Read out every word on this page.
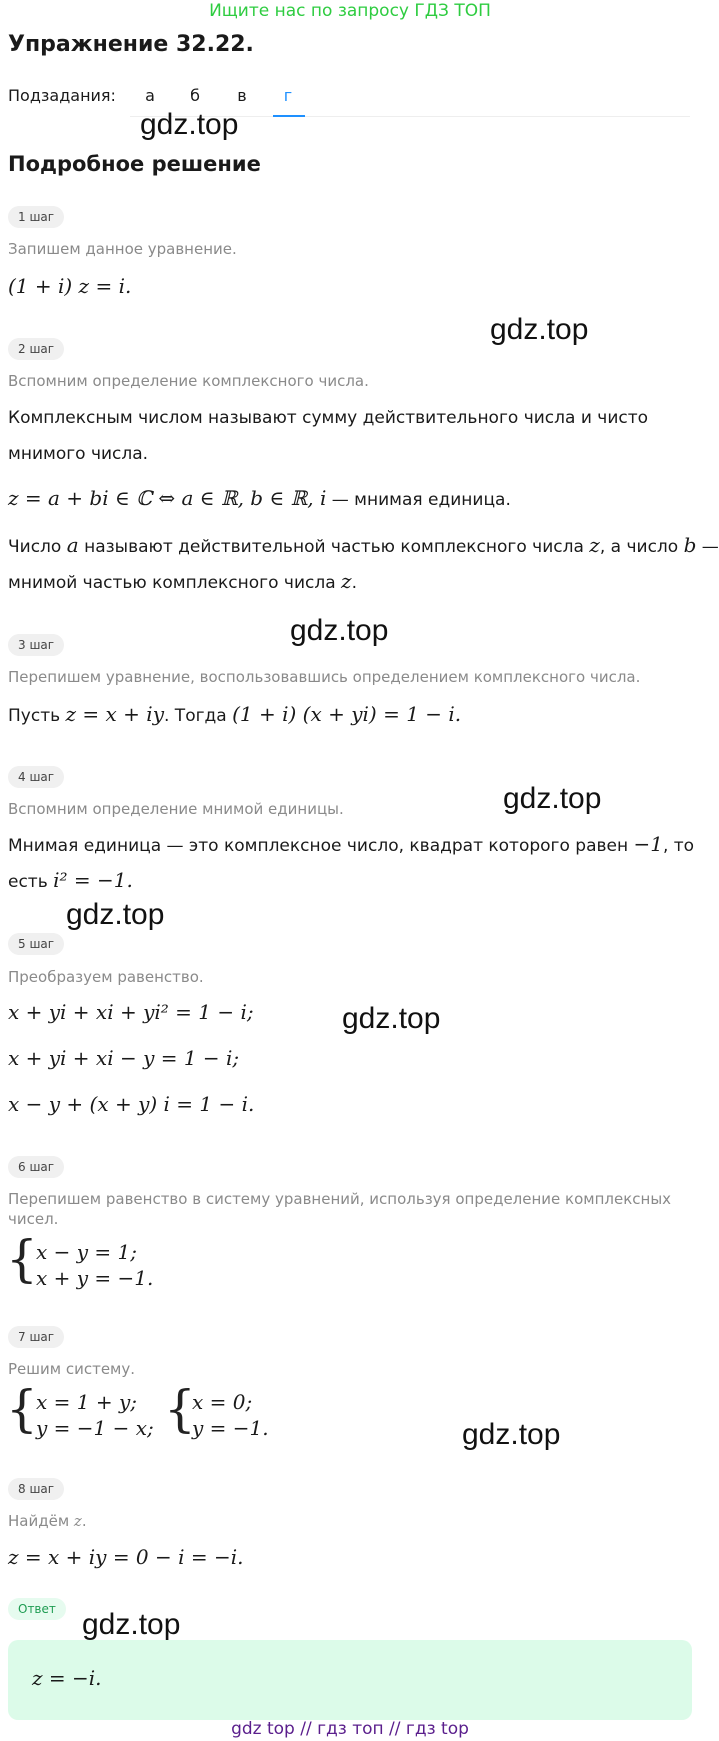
Ищите нас по запросу ГДЗ ТОП
Упражнение 32.22.
Подзадания:	а	б	в	г
gdz.top
Подробное решение
1 шаг
Запишем данное уравнение.
(1 + i) z = i.
gdz.top
2 шаг
Вспомним определение комплексного числа.
Комплексным числом называют сумму действительного числа и чисто
мнимого числа.
z = a + bi ∈ ℂ ⇔ a ∈ ℝ, b ∈ ℝ, i — мнимая единица.
Число a называют действительной частью комплексного числа z, а число b —
мнимой частью комплексного числа z.
gdz.top
3 шаг
Перепишем уравнение, воспользовавшись определением комплексного числа.
Пусть z = x + iy. Тогда (1 + i) (x + yi) = 1 − i.
gdz.top
4 шаг
Вспомним определение мнимой единицы.
Мнимая единица — это комплексное число, квадрат которого равен −1, то
есть i² = −1.
gdz.top
5 шаг
Преобразуем равенство.
x + yi + xi + yi² = 1 − i;
x + yi + xi − y = 1 − i;
x − y + (x + y) i = 1 − i.
gdz.top
6 шаг
Перепишем равенство в систему уравнений, используя определение комплексных
чисел.
{
x − y = 1;
x + y = −1.
7 шаг
Решим систему.
{
x = 1 + y;
y = −1 − x; {
x = 0;
y = −1.	gdz.top
8 шаг
Найдём z.
z = x + iy = 0 − i = −i.
Ответ
z = −i.
gdz.top
gdz top // гдз топ // гдз top
